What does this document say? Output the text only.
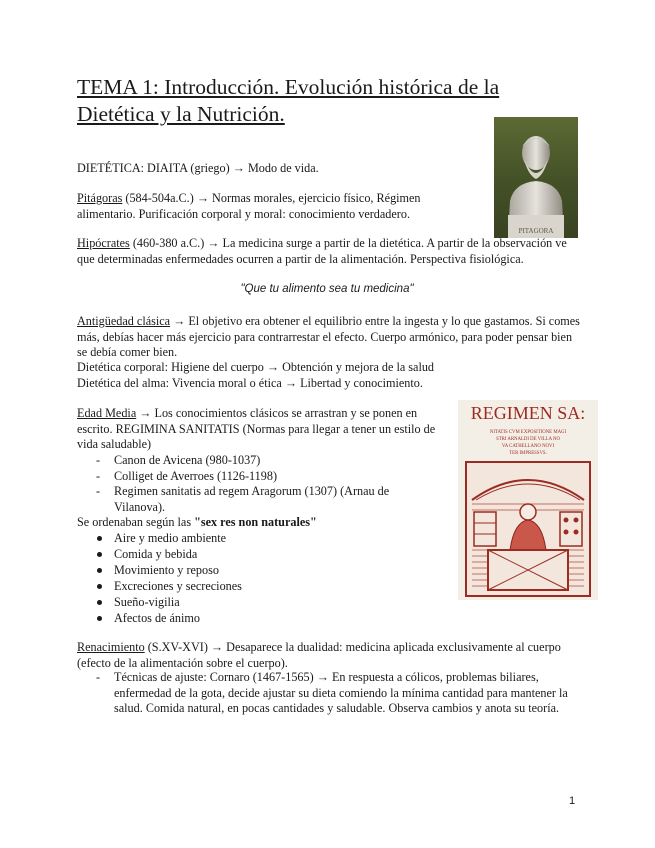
TEMA 1: Introducción. Evolución histórica de la Dietética y la Nutrición.
PITAGORA
DIETÉTICA: DIAITA (griego) → Modo de vida.
Pitágoras (584-504a.C.) → Normas morales, ejercicio físico, Régimen alimentario. Purificación corporal y moral: conocimiento verdadero.
Hipócrates (460-380 a.C.) → La medicina surge a partir de la dietética. A partir de la observación ve que determinadas enfermedades ocurren a partir de la alimentación. Perspectiva fisiológica.
"Que tu alimento sea tu medicina"
Antigüedad clásica → El objetivo era obtener el equilibrio entre la ingesta y lo que gastamos. Si comes más, debías hacer más ejercicio para contrarrestar el efecto. Cuerpo armónico, para poder pensar bien se debía comer bien.
Dietética corporal: Higiene del cuerpo → Obtención y mejora de la salud
Dietética del alma: Vivencia moral o ética → Libertad y conocimiento.
REGIMEN SA:
NITATIS CVM EXPOSITIONE MAGI
STRI ARNALDI DE VILLA NO
VA CATHELLANO NOVI
TER IMPRESSVS.
Edad Media → Los conocimientos clásicos se arrastran y se ponen en escrito. REGIMINA SANITATIS (Normas para llegar a tener un estilo de vida saludable)
- Canon de Avicena (980-1037)
- Colliget de Averroes (1126-1198)
- Regimen sanitatis ad regem Aragorum (1307) (Arnau de Vilanova).
Se ordenaban según las "sex res non naturales"
Aire y medio ambiente
Comida y bebida
Movimiento y reposo
Excreciones y secreciones
Sueño-vigilia
Afectos de ánimo
Renacimiento (S.XV-XVI) → Desaparece la dualidad: medicina aplicada exclusivamente al cuerpo (efecto de la alimentación sobre el cuerpo).
- Técnicas de ajuste: Cornaro (1467-1565) → En respuesta a cólicos, problemas biliares, enfermedad de la gota, decide ajustar su dieta comiendo la mínima cantidad para mantener la salud. Comida natural, en pocas cantidades y saludable. Observa cambios y anota su teoría.
1
